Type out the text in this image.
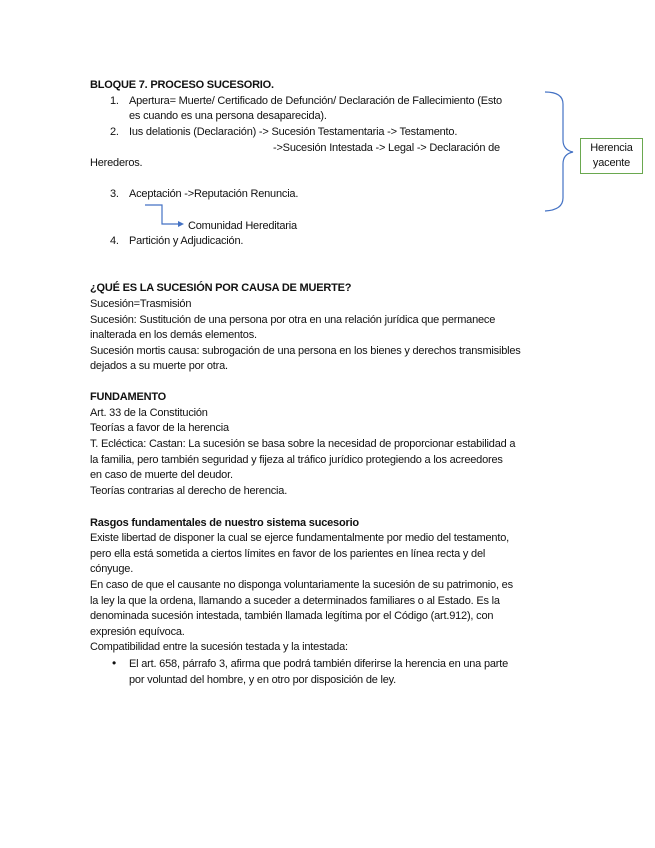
BLOQUE 7. PROCESO SUCESORIO.
1. Apertura= Muerte/ Certificado de Defunción/ Declaración de Fallecimiento (Esto
es cuando es una persona desaparecida).
2. Ius delationis (Declaración) -> Sucesión Testamentaria -> Testamento.
->Sucesión Intestada -> Legal -> Declaración de
Herederos.
3. Aceptación ->Reputación Renuncia.
Comunidad Hereditaria
4. Partición y Adjudicación.
Herencia
yacente
¿QUÉ ES LA SUCESIÓN POR CAUSA DE MUERTE?
Sucesión=Trasmisión
Sucesión: Sustitución de una persona por otra en una relación jurídica que permanece
inalterada en los demás elementos.
Sucesión mortis causa: subrogación de una persona en los bienes y derechos transmisibles
dejados a su muerte por otra.
FUNDAMENTO
Art. 33 de la Constitución
Teorías a favor de la herencia
T. Ecléctica: Castan: La sucesión se basa sobre la necesidad de proporcionar estabilidad a
la familia, pero también seguridad y fijeza al tráfico jurídico protegiendo a los acreedores
en caso de muerte del deudor.
Teorías contrarias al derecho de herencia.
Rasgos fundamentales de nuestro sistema sucesorio
Existe libertad de disponer la cual se ejerce fundamentalmente por medio del testamento,
pero ella está sometida a ciertos límites en favor de los parientes en línea recta y del
cónyuge.
En caso de que el causante no disponga voluntariamente la sucesión de su patrimonio, es
la ley la que la ordena, llamando a suceder a determinados familiares o al Estado. Es la
denominada sucesión intestada, también llamada legítima por el Código (art.912), con
expresión equívoca.
Compatibilidad entre la sucesión testada y la intestada:
• El art. 658, párrafo 3, afirma que podrá también diferirse la herencia en una parte
por voluntad del hombre, y en otro por disposición de ley.
